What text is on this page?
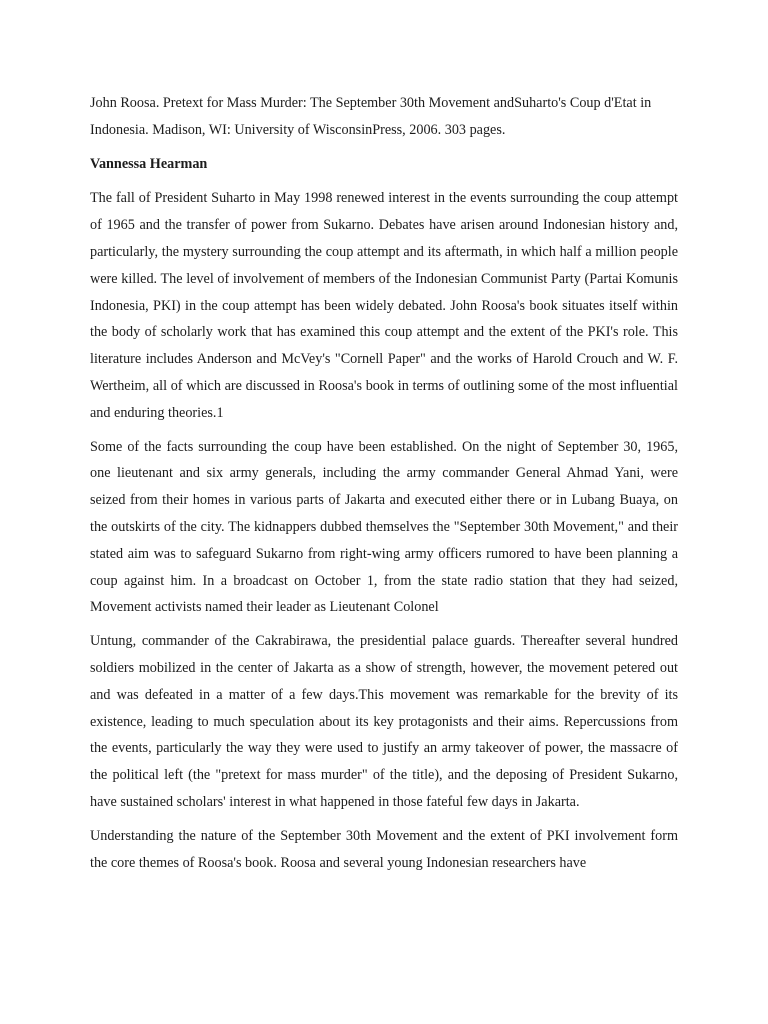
John Roosa. Pretext for Mass Murder: The September 30th Movement andSuharto's Coup d'Etat in Indonesia. Madison, WI: University of WisconsinPress, 2006. 303 pages.

Vannessa Hearman

The fall of President Suharto in May 1998 renewed interest in the events surrounding the coup attempt of 1965 and the transfer of power from Sukarno. Debates have arisen around Indonesian history and, particularly, the mystery surrounding the coup attempt and its aftermath, in which half a million people were killed. The level of involvement of members of the Indonesian Communist Party (Partai Komunis Indonesia, PKI) in the coup attempt has been widely debated. John Roosa's book situates itself within the body of scholarly work that has examined this coup attempt and the extent of the PKI's role. This literature includes Anderson and McVey's "Cornell Paper" and the works of Harold Crouch and W. F. Wertheim, all of which are discussed in Roosa's book in terms of outlining some of the most influential and enduring theories.1

Some of the facts surrounding the coup have been established. On the night of September 30, 1965, one lieutenant and six army generals, including the army commander General Ahmad Yani, were seized from their homes in various parts of Jakarta and executed either there or in Lubang Buaya, on the outskirts of the city. The kidnappers dubbed themselves the "September 30th Movement," and their stated aim was to safeguard Sukarno from right-wing army officers rumored to have been planning a coup against him. In a broadcast on October 1, from the state radio station that they had seized, Movement activists named their leader as Lieutenant Colonel

Untung, commander of the Cakrabirawa, the presidential palace guards. Thereafter several hundred soldiers mobilized in the center of Jakarta as a show of strength, however, the movement petered out and was defeated in a matter of a few days.This movement was remarkable for the brevity of its existence, leading to much speculation about its key protagonists and their aims. Repercussions from the events, particularly the way they were used to justify an army takeover of power, the massacre of the political left (the "pretext for mass murder" of the title), and the deposing of President Sukarno, have sustained scholars' interest in what happened in those fateful few days in Jakarta.

Understanding the nature of the September 30th Movement and the extent of PKI involvement form the core themes of Roosa's book. Roosa and several young Indonesian researchers have
